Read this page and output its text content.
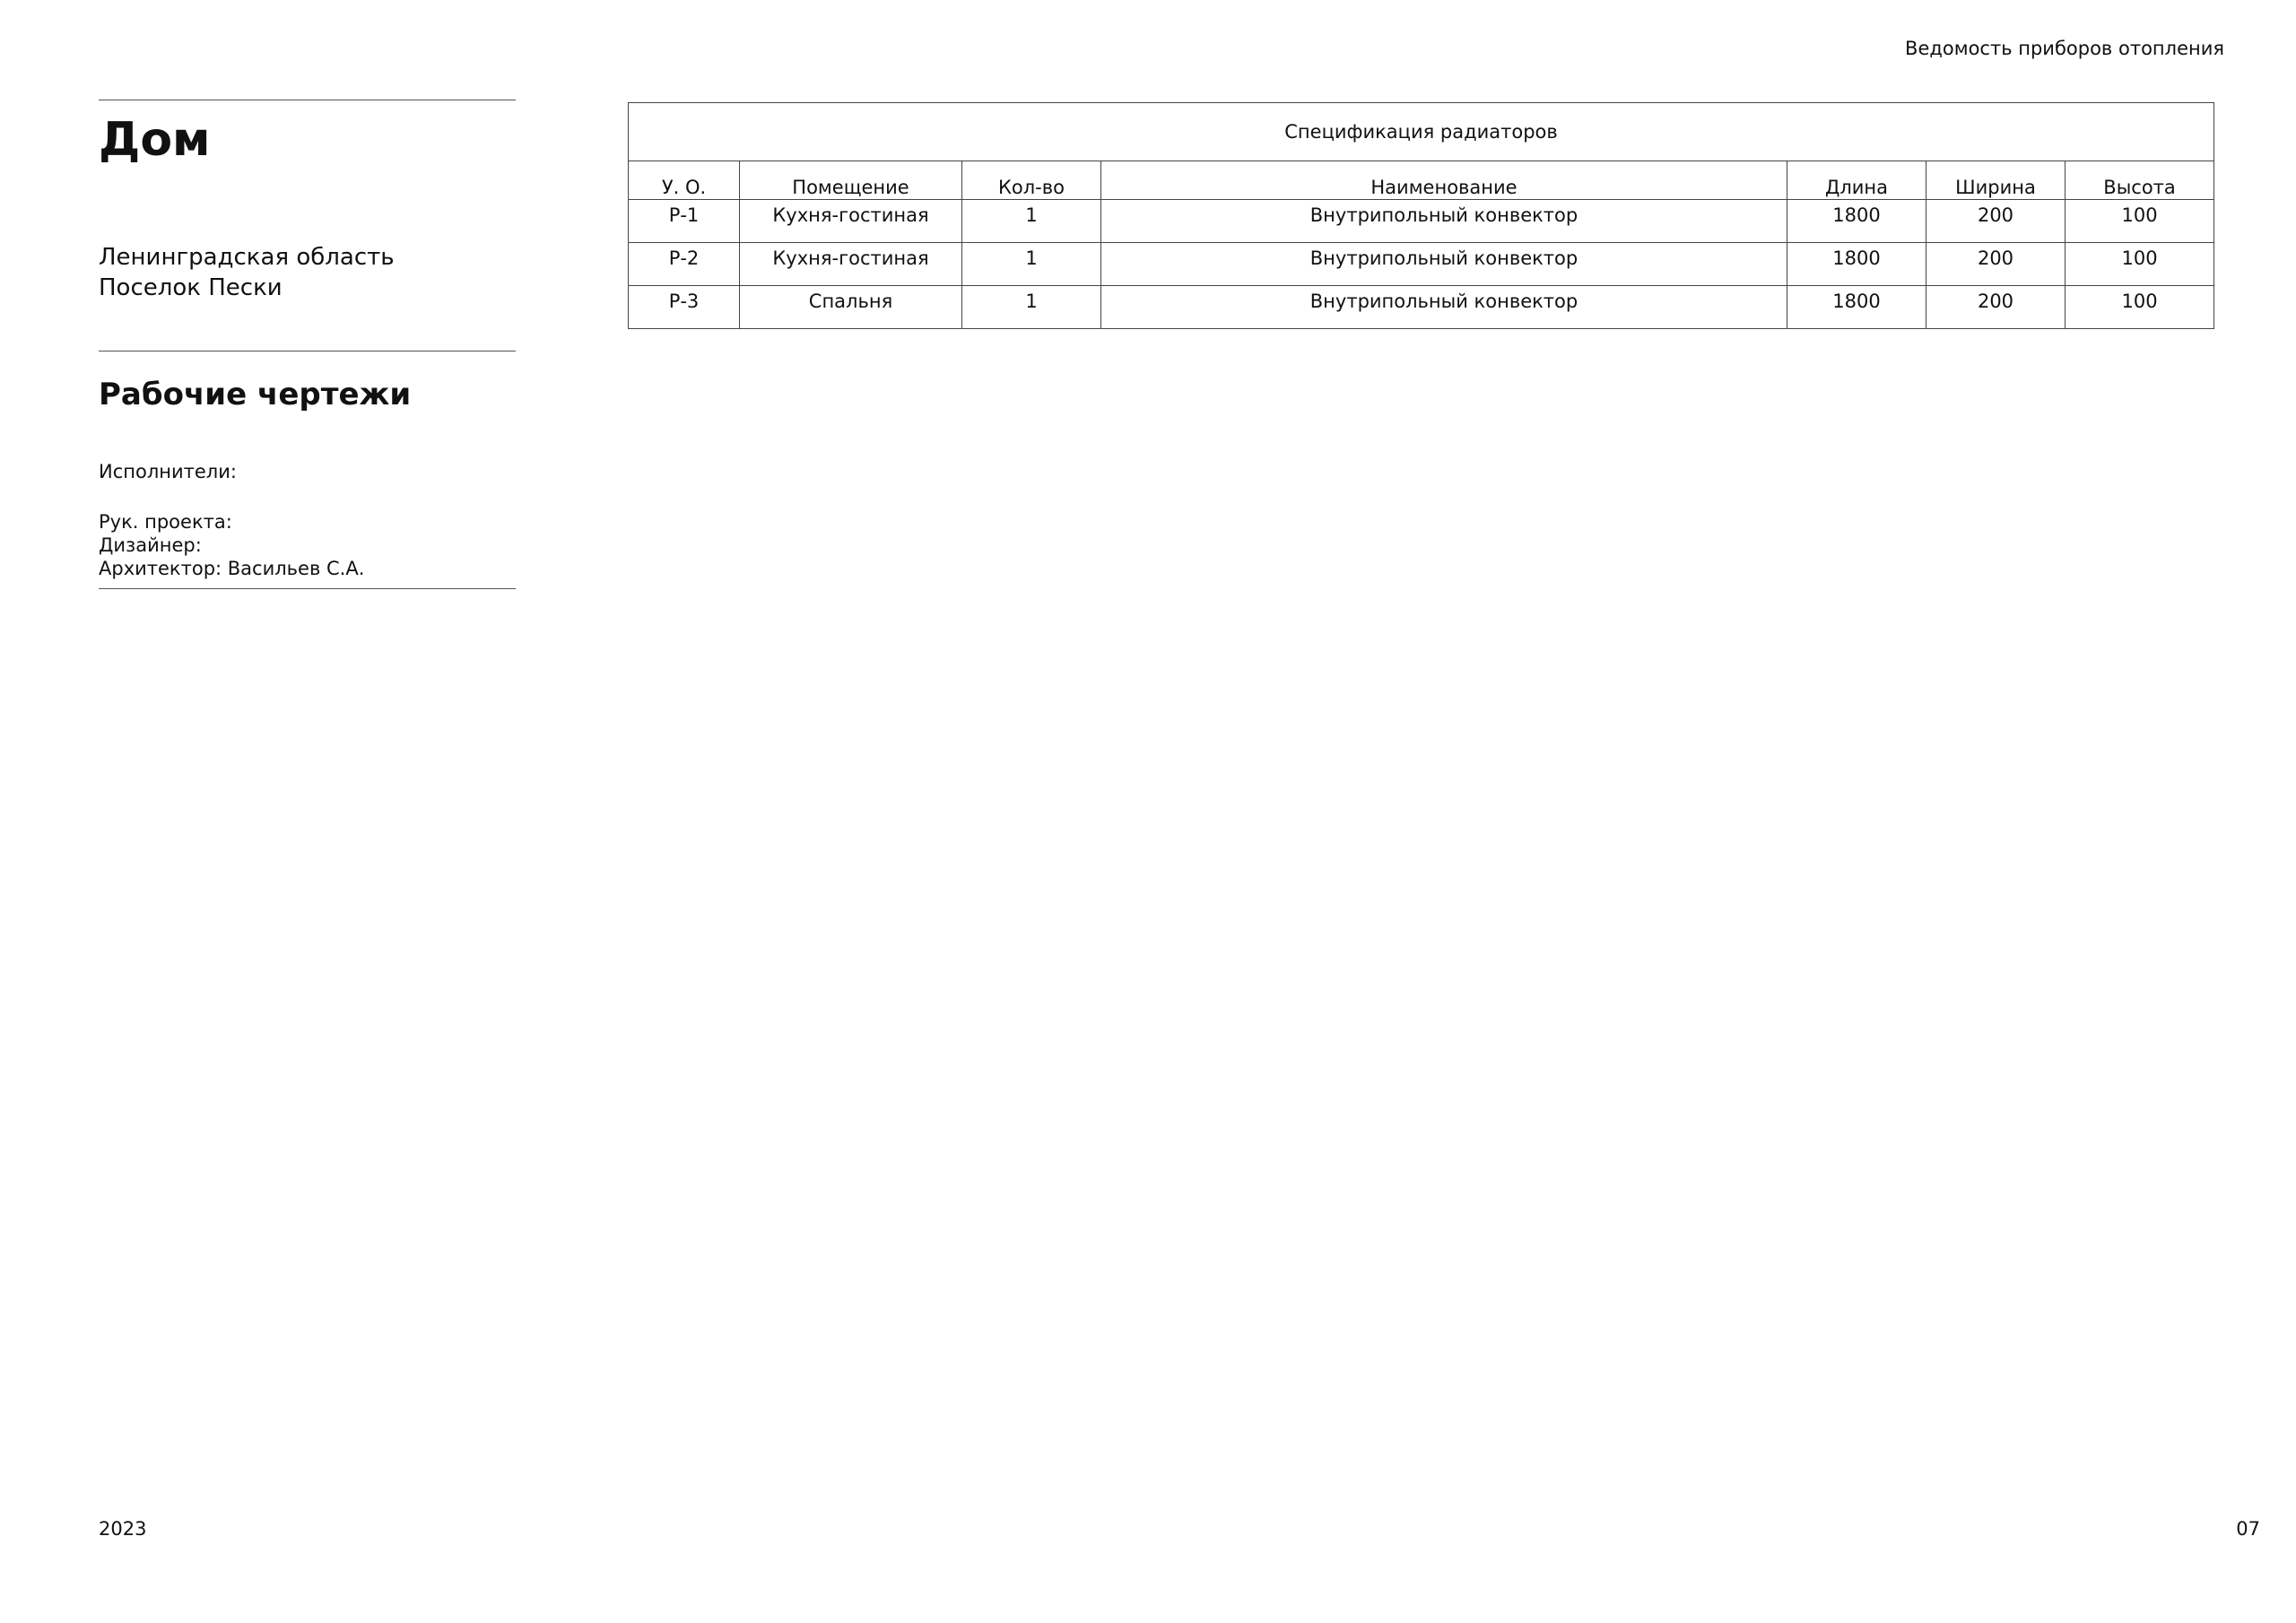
Ведомость приборов отопления
Дом
Ленинградская область
Поселок Пески
Рабочие чертежи
Исполнители:
Рук. проекта:
Дизайнер:
Архитектор: Васильев С.А.
Спецификация радиаторов						
У. О.	Помещение	Кол-во	Наименование	Длина	Ширина	Высота
Р-1	Кухня-гостиная	1	Внутрипольный конвектор	1800	200	100
Р-2	Кухня-гостиная	1	Внутрипольный конвектор	1800	200	100
Р-3	Спальня	1	Внутрипольный конвектор	1800	200	100
2023	07
